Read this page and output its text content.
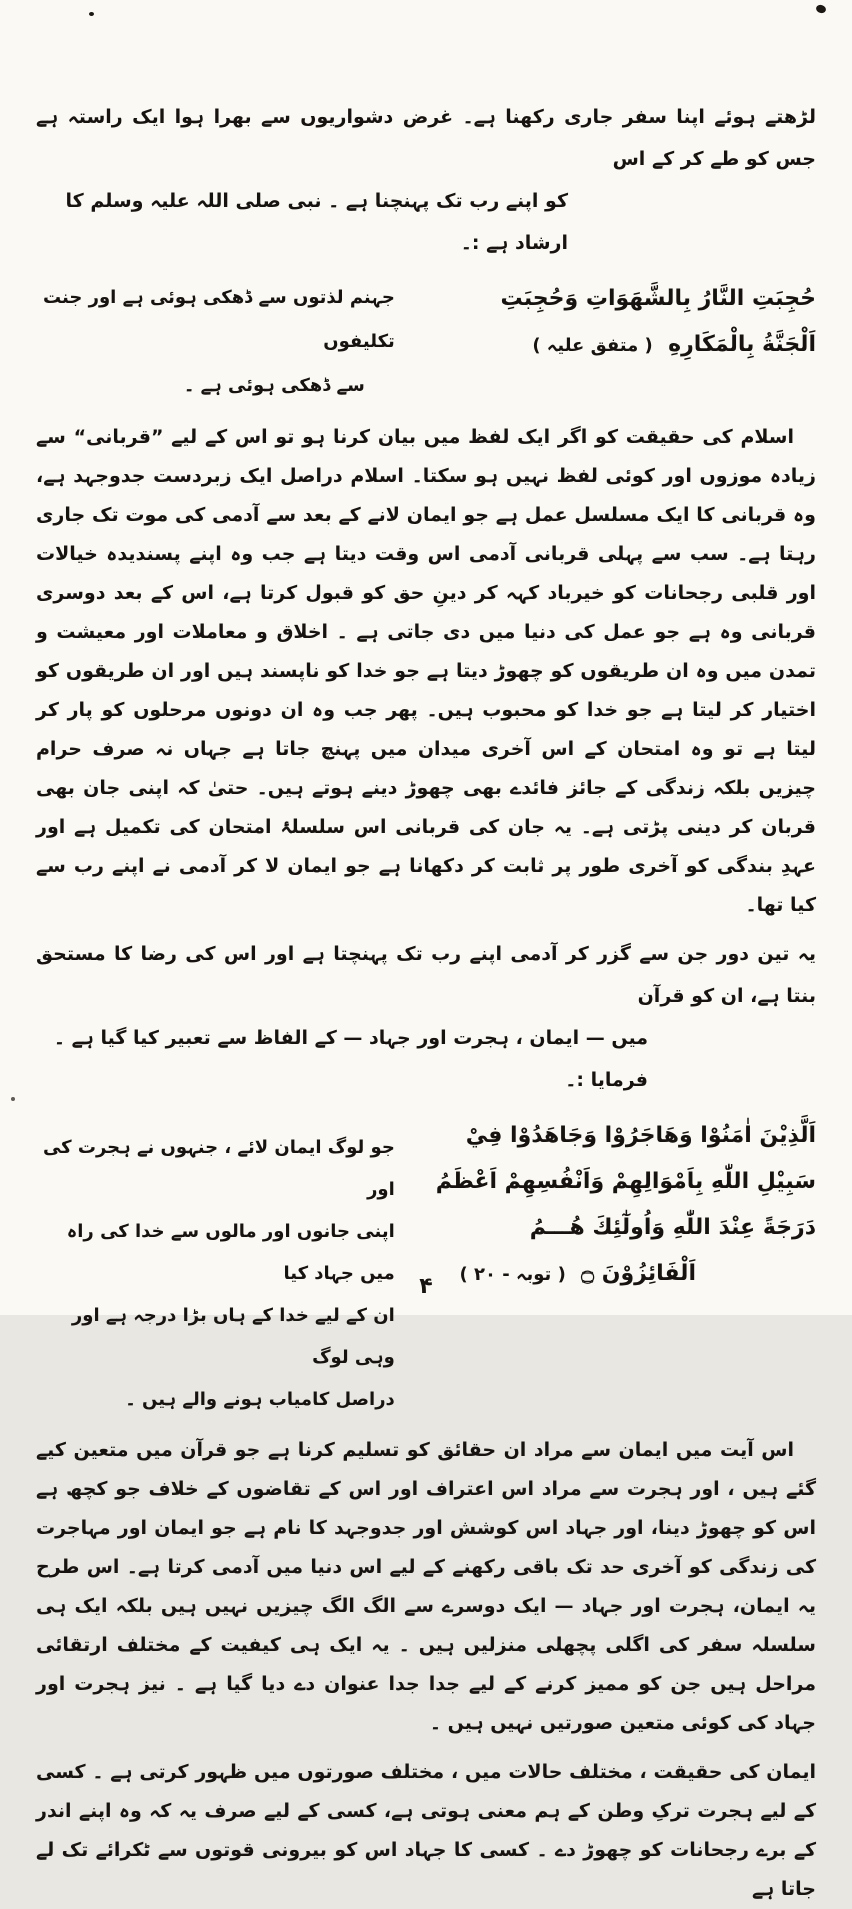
لڑھتے ہوئے اپنا سفر جاری رکھنا ہے۔ غرض دشواریوں سے بھرا ہوا ایک راستہ ہے جس کو طے کر کے اس

کو اپنے رب تک پہنچنا ہے ۔ نبی صلی اللہ علیہ وسلم کا ارشاد ہے :۔

حُجِبَتِ النَّارُ بِالشَّهَوَاتِ وَحُجِبَتِ

اَلْجَنَّةُ بِالْمَكَارِهِ  ( متفق علیہ )

جہنم لذتوں سے ڈھکی ہوئی ہے اور جنت تکلیفوں

سے ڈھکی ہوئی ہے ۔

اسلام کی حقیقت کو اگر ایک لفظ میں بیان کرنا ہو تو اس کے لیے ”قربانی“ سے زیادہ موزوں اور کوئی لفظ نہیں ہو سکتا۔ اسلام دراصل ایک زبردست جدوجہد ہے، وہ قربانی کا ایک مسلسل عمل ہے جو ایمان لانے کے بعد سے آدمی کی موت تک جاری رہتا ہے۔ سب سے پہلی قربانی آدمی اس وقت دیتا ہے جب وہ اپنے پسندیدہ خیالات اور قلبی رجحانات کو خیرباد کہہ کر دینِ حق کو قبول کرتا ہے، اس کے بعد دوسری قربانی وہ ہے جو عمل کی دنیا میں دی جاتی ہے ۔ اخلاق و معاملات اور معیشت و تمدن میں وہ ان طریقوں کو چھوڑ دیتا ہے جو خدا کو ناپسند ہیں اور ان طریقوں کو اختیار کر لیتا ہے جو خدا کو محبوب ہیں۔ پھر جب وہ ان دونوں مرحلوں کو پار کر لیتا ہے تو وہ امتحان کے اس آخری میدان میں پہنچ جاتا ہے جہاں نہ صرف حرام چیزیں بلکہ زندگی کے جائز فائدے بھی چھوڑ دینے ہوتے ہیں۔ حتیٰ کہ اپنی جان بھی قربان کر دینی پڑتی ہے۔ یہ جان کی قربانی اس سلسلۂ امتحان کی تکمیل ہے اور عہدِ بندگی کو آخری طور پر ثابت کر دکھانا ہے جو ایمان لا کر آدمی نے اپنے رب سے کیا تھا۔

یہ تین دور جن سے گزر کر آدمی اپنے رب تک پہنچتا ہے اور اس کی رضا کا مستحق بنتا ہے، ان کو قرآن

میں — ایمان ، ہجرت اور جہاد — کے الفاظ سے تعبیر کیا گیا ہے ۔ فرمایا :۔

اَلَّذِيْنَ اٰمَنُوْا وَهَاجَرُوْا وَجَاهَدُوْا فِيْ

سَبِيْلِ اللّٰهِ بِاَمْوَالِهِمْ وَاَنْفُسِهِمْ اَعْظَمُ

دَرَجَةً عِنْدَ اللّٰهِ وَاُولٰٓئِكَ هُـــمُ

اَلْفَائِزُوْنَ ۝  ( توبہ - ۲۰ )

جو لوگ ایمان لائے ، جنہوں نے ہجرت کی اور

اپنی جانوں اور مالوں سے خدا کی راہ میں جہاد کیا

ان کے لیے خدا کے ہاں بڑا درجہ ہے اور وہی لوگ

دراصل کامیاب ہونے والے ہیں ۔

اس آیت میں ایمان سے مراد ان حقائق کو تسلیم کرنا ہے جو قرآن میں متعین کیے گئے ہیں ، اور ہجرت سے مراد اس اعتراف اور اس کے تقاضوں کے خلاف جو کچھ ہے اس کو چھوڑ دینا، اور جہاد اس کوشش اور جدوجہد کا نام ہے جو ایمان اور مہاجرت کی زندگی کو آخری حد تک باقی رکھنے کے لیے اس دنیا میں آدمی کرتا ہے۔ اس طرح یہ ایمان، ہجرت اور جہاد — ایک دوسرے سے الگ الگ چیزیں نہیں ہیں بلکہ ایک ہی سلسلہ سفر کی اگلی پچھلی منزلیں ہیں ۔ یہ ایک ہی کیفیت کے مختلف ارتقائی مراحل ہیں جن کو ممیز کرنے کے لیے جدا جدا عنوان دے دیا گیا ہے ۔ نیز ہجرت اور جہاد کی کوئی متعین صورتیں نہیں ہیں ۔

ایمان کی حقیقت ، مختلف حالات میں ، مختلف صورتوں میں ظہور کرتی ہے ۔ کسی کے لیے ہجرت ترکِ وطن کے ہم معنی ہوتی ہے، کسی کے لیے صرف یہ کہ وہ اپنے اندر کے برے رجحانات کو چھوڑ دے ۔ کسی کا جہاد اس کو بیرونی قوتوں سے ٹکرائے تک لے جاتا ہے

۴
